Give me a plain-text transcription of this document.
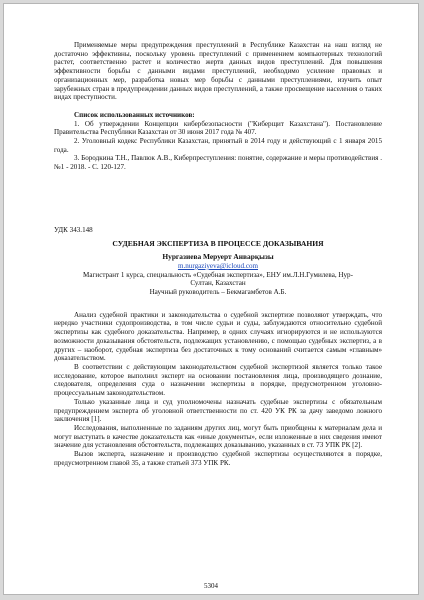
Применяемые меры предупреждения преступлений в Республике Казахстан на наш взгляд не достаточно эффективны, поскольку уровень преступлений с применением компьютерных технологий растет, соответственно растет и количество жертв данных видов преступлений. Для повышения эффективности борьбы с данными видами преступлений, необходимо усиление правовых и организационных мер, разработка новых мер борьбы с данными преступлениями, изучить опыт зарубежных стран в предупреждении данных видов преступлений, а также просвещение населения о таких видах преступности.

Список использованных источников:

1. Об утверждении Концепции кибербезопасности ("Киберщит Казахстана"). Постановление Правительства Республики Казахстан от 30 июня 2017 года № 407.

2. Уголовный кодекс Республики Казахстан, принятый в 2014 году и действующий с 1 января 2015 года.

3. Бородкина Т.Н., Павлюк А.В., Киберпреступления: понятие, содержание и меры противодействия . №1 - 2018. - С. 120-127.

УДК 343.148

СУДЕБНАЯ ЭКСПЕРТИЗА В ПРОЦЕССЕ ДОКАЗЫВАНИЯ

Нургазиева Меруерт Анварқызы

m.nurgaziyeva@icloud.com

Магистрант 1 курса, специальность «Судебная экспертиза», ЕНУ им.Л.Н.Гумилева, Нур-Султан, Казахстан

Научный руководитель – Бекмагамбетов А.Б.

Анализ судебной практики и законодательства о судебной экспертизе позволяют утверждать, что нередко участники судопроизводства, в том числе судьи и суды, заблуждаются относительно судебной экспертизы как судебного доказательства. Например, в одних случаях игнорируются и не используются возможности доказывания обстоятельств, подлежащих установлению, с помощью судебных экспертиз, а в других – наоборот, судебная экспертиза без достаточных к тому оснований считается самым «главным» доказательством.

В соответствии с действующим законодательством судебной экспертизой является только такое исследование, которое выполнил эксперт на основании постановления лица, производящего дознание, следователя, определения суда о назначении экспертизы в порядке, предусмотренном уголовно-процессуальным законодательством.

Только указанные лица и суд уполномочены назначать судебные экспертизы с обязательным предупреждением эксперта об уголовной ответственности по ст. 420 УК РК за дачу заведомо ложного заключения [1].

Исследования, выполненные по заданиям других лиц, могут быть приобщены к материалам дела и могут выступать в качестве доказательств как «иные документы», если изложенные в них сведения имеют значение для установления обстоятельств, подлежащих доказыванию, указанных в ст. 73 УПК РК [2].

Вызов эксперта, назначение и производство судебной экспертизы осуществляются в порядке, предусмотренном главой 35, а также статьей 373 УПК РК.

5304
